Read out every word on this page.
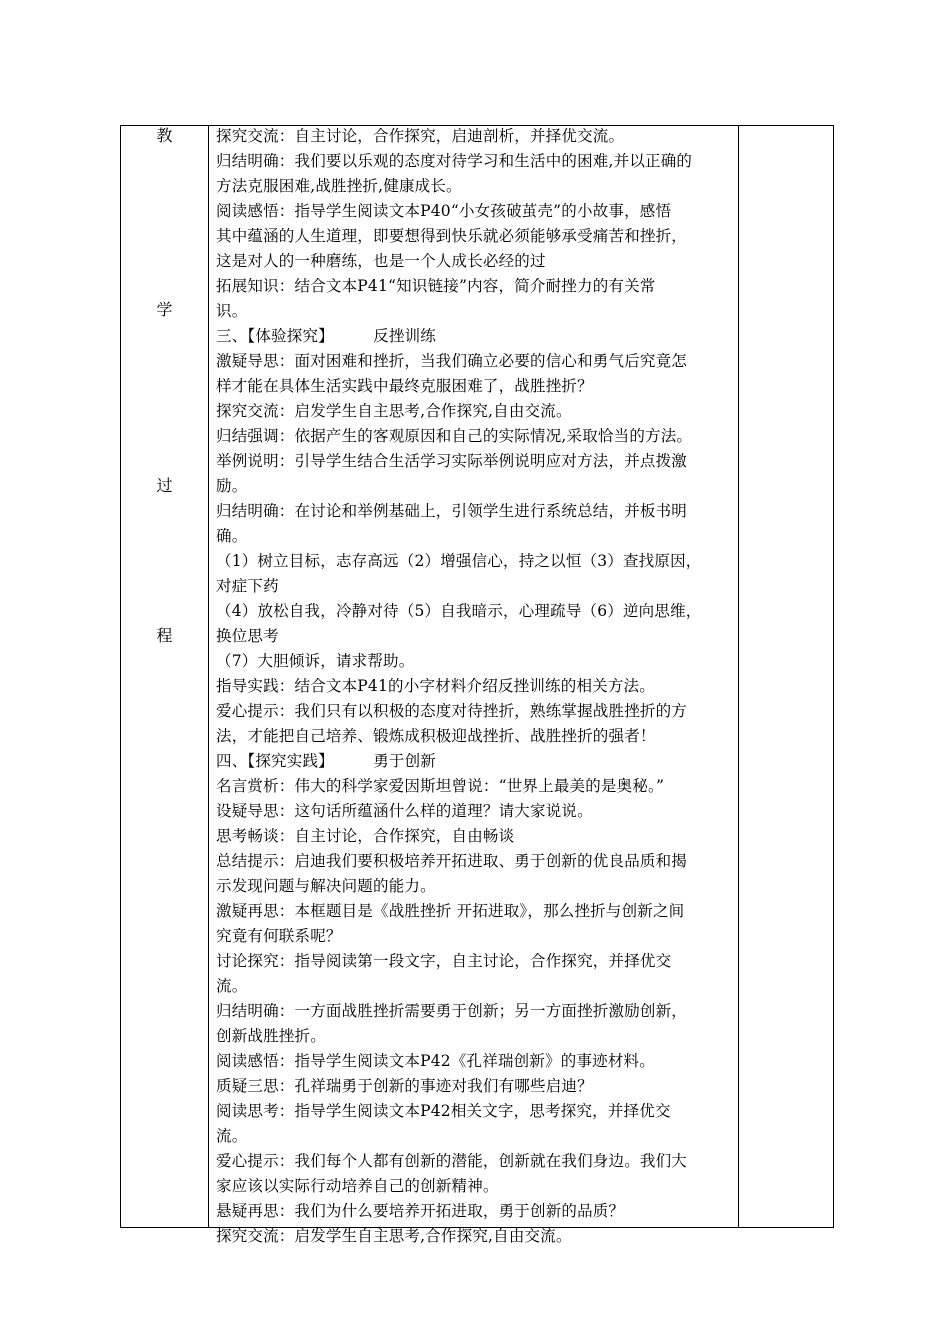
教
学
过
程
探究交流：自主讨论，合作探究，启迪剖析，并择优交流。
归结明确：我们要以乐观的态度对待学习和生活中的困难,并以正确的
方法克服困难,战胜挫折,健康成长。
阅读感悟：指导学生阅读文本P40“小女孩破茧壳”的小故事，感悟
其中蕴涵的人生道理，即要想得到快乐就必须能够承受痛苦和挫折，
这是对人的一种磨练，也是一个人成长必经的过
拓展知识：结合文本P41“知识链接”内容，简介耐挫力的有关常
识。
三、【体验探究】　　　反挫训练
激疑导思：面对困难和挫折，当我们确立必要的信心和勇气后究竟怎
样才能在具体生活实践中最终克服困难了，战胜挫折？
探究交流：启发学生自主思考,合作探究,自由交流。
归结强调：依据产生的客观原因和自己的实际情况,采取恰当的方法。
举例说明：引导学生结合生活学习实际举例说明应对方法，并点拨激
励。
归结明确：在讨论和举例基础上，引领学生进行系统总结，并板书明
确。
（1）树立目标，志存高远（2）增强信心，持之以恒（3）查找原因，
对症下药
（4）放松自我，冷静对待（5）自我暗示，心理疏导（6）逆向思维，
换位思考
（7）大胆倾诉，请求帮助。
指导实践：结合文本P41的小字材料介绍反挫训练的相关方法。
爱心提示：我们只有以积极的态度对待挫折，熟练掌握战胜挫折的方
法，才能把自己培养、锻炼成积极迎战挫折、战胜挫折的强者！
四、【探究实践】　　　勇于创新
名言赏析：伟大的科学家爱因斯坦曾说：“世界上最美的是奥秘。”
设疑导思：这句话所蕴涵什么样的道理？请大家说说。
思考畅谈：自主讨论，合作探究，自由畅谈
总结提示：启迪我们要积极培养开拓进取、勇于创新的优良品质和揭
示发现问题与解决问题的能力。
激疑再思：本框题目是《战胜挫折 开拓进取》，那么挫折与创新之间
究竟有何联系呢？
讨论探究：指导阅读第一段文字，自主讨论，合作探究，并择优交
流。
归结明确：一方面战胜挫折需要勇于创新；另一方面挫折激励创新，
创新战胜挫折。
阅读感悟：指导学生阅读文本P42《孔祥瑞创新》的事迹材料。
质疑三思：孔祥瑞勇于创新的事迹对我们有哪些启迪？
阅读思考：指导学生阅读文本P42相关文字，思考探究，并择优交
流。
爱心提示：我们每个人都有创新的潜能，创新就在我们身边。我们大
家应该以实际行动培养自己的创新精神。
悬疑再思：我们为什么要培养开拓进取，勇于创新的品质？
探究交流：启发学生自主思考,合作探究,自由交流。
